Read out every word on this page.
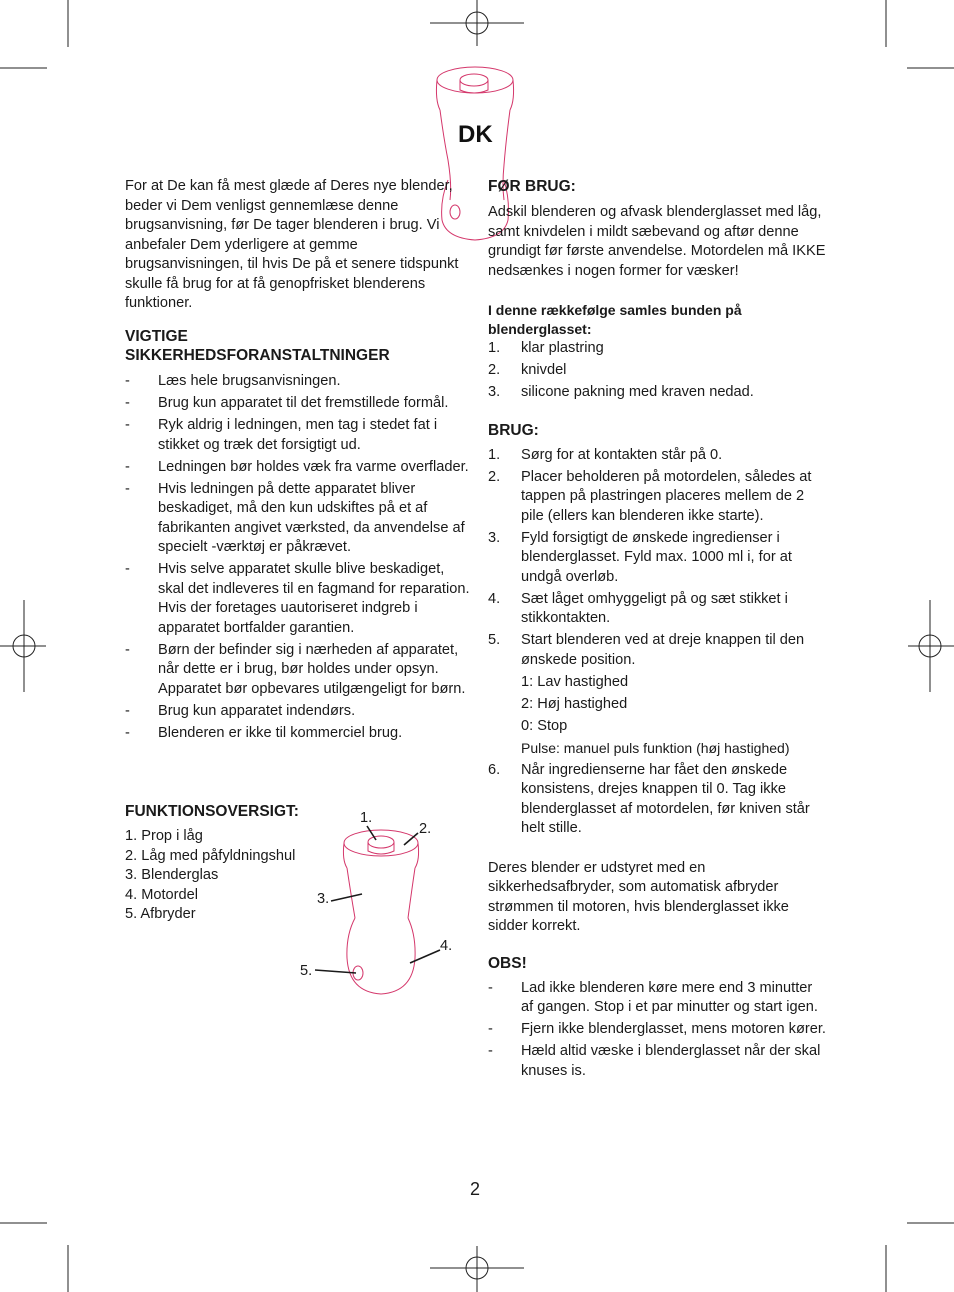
DK
For at De kan få mest glæde af Deres nye blender, beder vi Dem venligst gennemlæse denne brugsanvisning, før De tager blenderen i brug. Vi anbefaler Dem yderligere at gemme brugsanvisningen, til hvis De på et senere tidspunkt skulle få brug for at få genopfrisket blenderens funktioner.
VIGTIGE
SIKKERHEDSFORANSTALTNINGER
- Læs hele brugsanvisningen.
- Brug kun apparatet til det fremstillede formål.
- Ryk aldrig i ledningen, men tag i stedet fat i stikket og træk det forsigtigt ud.
- Ledningen bør holdes væk fra varme overflader.
- Hvis ledningen på dette apparatet bliver beskadiget, må den kun udskiftes på et af fabrikanten angivet værksted, da anvendelse af specielt -værktøj er påkrævet.
- Hvis selve apparatet skulle blive beskadiget, skal det indleveres til en fagmand for reparation. Hvis der foretages uautoriseret indgreb i apparatet bortfalder garantien.
- Børn der befinder sig i nærheden af apparatet, når dette er i brug, bør holdes under opsyn. Apparatet bør opbevares utilgængeligt for børn.
- Brug kun apparatet indendørs.
- Blenderen er ikke til kommerciel brug.
FUNKTIONSOVERSIGT:
1. Prop i låg
2. Låg med påfyldningshul
3. Blenderglas
4. Motordel
5. Afbryder
1.
2.
3.
4.
5.
FØR BRUG:
Adskil blenderen og afvask blenderglasset med låg, samt knivdelen i mildt sæbevand og aftør denne grundigt før første anvendelse. Motordelen må IKKE nedsænkes i nogen former for væsker!
I denne rækkefølge samles bunden på
blenderglasset:
1. klar plastring
2. knivdel
3. silicone pakning med kraven nedad.
BRUG:
1. Sørg for at kontakten står på 0.
2. Placer beholderen på motordelen, således at tappen på plastringen placeres mellem de 2 pile (ellers kan blenderen ikke starte).
3. Fyld forsigtigt de ønskede ingredienser i blenderglasset. Fyld max. 1000 ml i, for at undgå overløb.
4. Sæt låget omhyggeligt på og sæt stikket i stikkontakten.
5. Start blenderen ved at dreje knappen til den ønskede position.
1: Lav hastighed
2: Høj hastighed
0: Stop
Pulse: manuel puls funktion (høj hastighed)
6. Når ingredienserne har fået den ønskede konsistens, drejes knappen til 0. Tag ikke blenderglasset af motordelen, før kniven står helt stille.
Deres blender er udstyret med en sikkerhedsafbryder, som automatisk afbryder strømmen til motoren, hvis blenderglasset ikke sidder korrekt.
OBS!
- Lad ikke blenderen køre mere end 3 minutter af gangen. Stop i et par minutter og start igen.
- Fjern ikke blenderglasset, mens motoren kører.
- Hæld altid væske i blenderglasset når der skal knuses is.
2
